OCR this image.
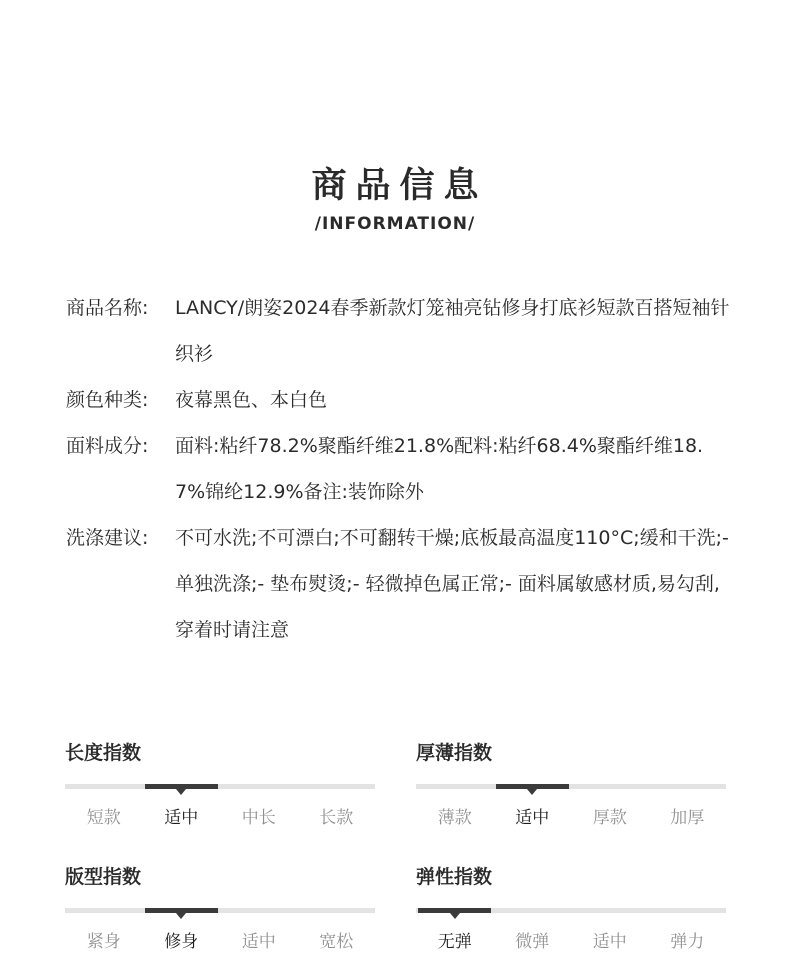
商品信息
/INFORMATION/
商品名称:	LANCY/朗姿2024春季新款灯笼袖亮钻修身打底衫短款百搭短袖针织衫
颜色种类:	夜幕黑色、本白色
面料成分:	面料:粘纤78.2%聚酯纤维21.8%配料:粘纤68.4%聚酯纤维18.7%锦纶12.9%备注:装饰除外
洗涤建议:	不可水洗;不可漂白;不可翻转干燥;底板最高温度110°C;缓和干洗;- 单独洗涤;- 垫布熨烫;- 轻微掉色属正常;- 面料属敏感材质,易勾刮,穿着时请注意
长度指数
短款	适中	中长	长款
厚薄指数
薄款	适中	厚款	加厚
版型指数
紧身	修身	适中	宽松
弹性指数
无弹	微弹	适中	弹力
